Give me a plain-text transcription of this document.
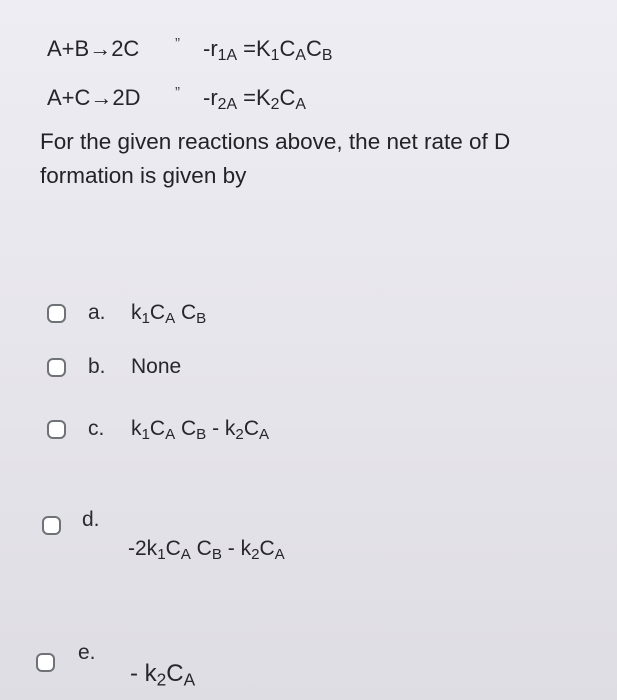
A+B→2C ” $-r_{1A} =K_1C_AC_B$
A+C→2D ” $-r_{2A} =K_2C_A$
For the given reactions above, the net rate of D formation is given by
a. $k_1C_A$ $C_B$
b. None
c. $k_1C_A$ $C_B - k_2C_A$
d.
$-2k_1C_A$ $C_B - k_2C_A$
e.
- $k_2C_A$
